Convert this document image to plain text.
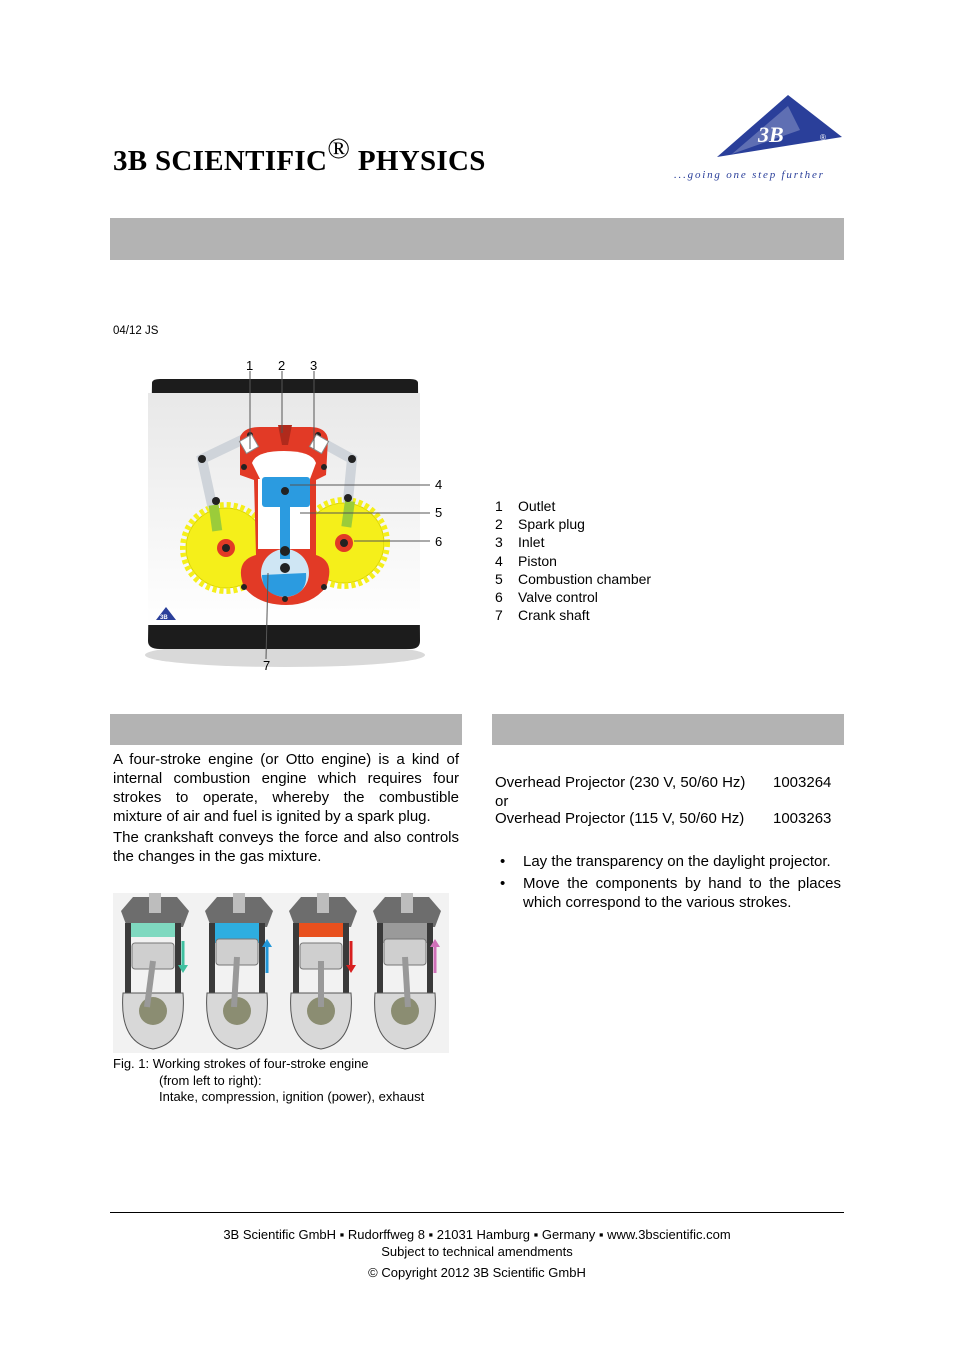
3B SCIENTIFIC® PHYSICS
3B	®
...going one step further
04/12 JS
3B
1 2 3
4
5
6
7
1	Outlet
2	Spark plug
3	Inlet
4	Piston
5	Combustion chamber
6	Valve control
7	Crank shaft

A four-stroke engine (or Otto engine) is a kind of internal combustion engine which requires four strokes to operate, whereby the combustible mixture of air and fuel is ignited by a spark plug.

The crankshaft conveys the force and also controls the changes in the gas mixture.

Overhead Projector (230 V, 50/60 Hz) 1003264
or
Overhead Projector (115 V, 50/60 Hz) 1003263
• Lay the transparency on the daylight projector.
• Move the components by hand to the places which correspond to the various strokes.
Fig. 1: Working strokes of four-stroke engine
(from left to right):
Intake, compression, ignition (power), exhaust
3B Scientific GmbH ▪ Rudorffweg 8 ▪ 21031 Hamburg ▪ Germany ▪ www.3bscientific.com
Subject to technical amendments
© Copyright 2012 3B Scientific GmbH
